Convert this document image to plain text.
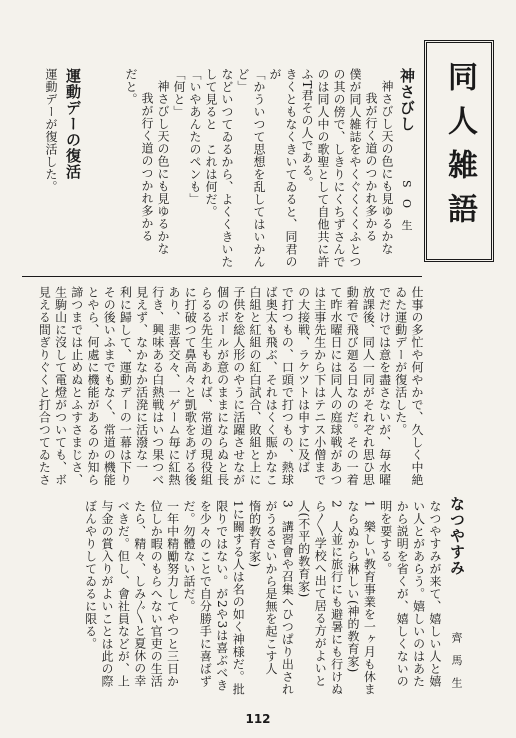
同人雑語
神さびし
S O 生
神さびし天の色にも見ゆるかな
我が行く道のつかれ多かる
僕が同人雑誌をやくぐくくくふとつ
の其の傍で、しきりにくちずさんで
のは同人中の歌聖として自他共に許
ふT君その人である。
きくともなくきいてゐると、同君の
が
「かういつて思想を乱してはいかん
ど」
などいつてゐるから、よくくきいた
して見ると　これは何だ。
「いやあんたのペンも」
「何と」
神さびし天の色にも見ゆるかな
我が行く道のつかれ多かる
だと。
なつやすみ
齊 馬 生
なつやすみが来て、嬉しい人と嬉
い人とがあらう。嬉しいのはあた
から説明を省くが、嬉しくないの
明を要する。
1　樂しい教育事業を一ヶ月も休ま
ならぬから淋しい(神的教育家)
2　人並に旅行にも避暑にも行けぬ
ら〳〵学校へ出て居る方がよいと
人(不平的教育家)
3　講習會や召集へひつぱり出され
がうるさいから是無を起こす人　
惰的教育家)
1に關する人は名の如く神様だ。批
限りではない。が2や3は喜ぶべき
を少々のことで自分勝手に喜ばず
だ。勿體ない話だ。
一年中精勵努力してやつと三日か
位しか暇のもらへない官吏の生活
たら、精々、しみ〴〵と夏休の幸
べきだ。但し、會社員などが、上
与金の賞入りがよいことは此の際
ぼんやりしてゐるに限る。
運動デーの復活
運動デーが復活した。
仕事の多忙や何やかで、久しく中絶
ゐた運動デーが復活した。
でだけでは意を盡さないが、毎水曜
放課後、同人一同がそれぞれ思ひ思
動着で飛び廻る日なのだ。その一着
て昨水曜日には同人の庭球戦があつ
は主事先生から下はテニス小僧まで
の大接戦、ラケツトは申すに及ば
で打つもの、口頭で打つもの、熱球
ば奥太も飛ぶ、それはくく賑かなこ
白組と紅組の紅白試合、敗組と上に
子供を総人形のやうに活躍させなが
個のボールが意のままにならぬと長
らるる先生もあれば、常道の現役組
に打破つて鼻高々と凱歌をあげる後
あり、悲喜交々、一ゲーム毎に紅熱
行き、興味ある白熱戦はいつ果つべ
見えず、なかなか活溌に活潑な一
利に歸して、運動デーの一幕は下り
その後いふまでもなく、常道の機能
とやら、何處に機能があるのか知ら
諦つまでは止めぬとふすさまじさ、
生駒山に沒して電燈がついても、ボ
見える間ぎりぐくと打合つてゐたさ
112
